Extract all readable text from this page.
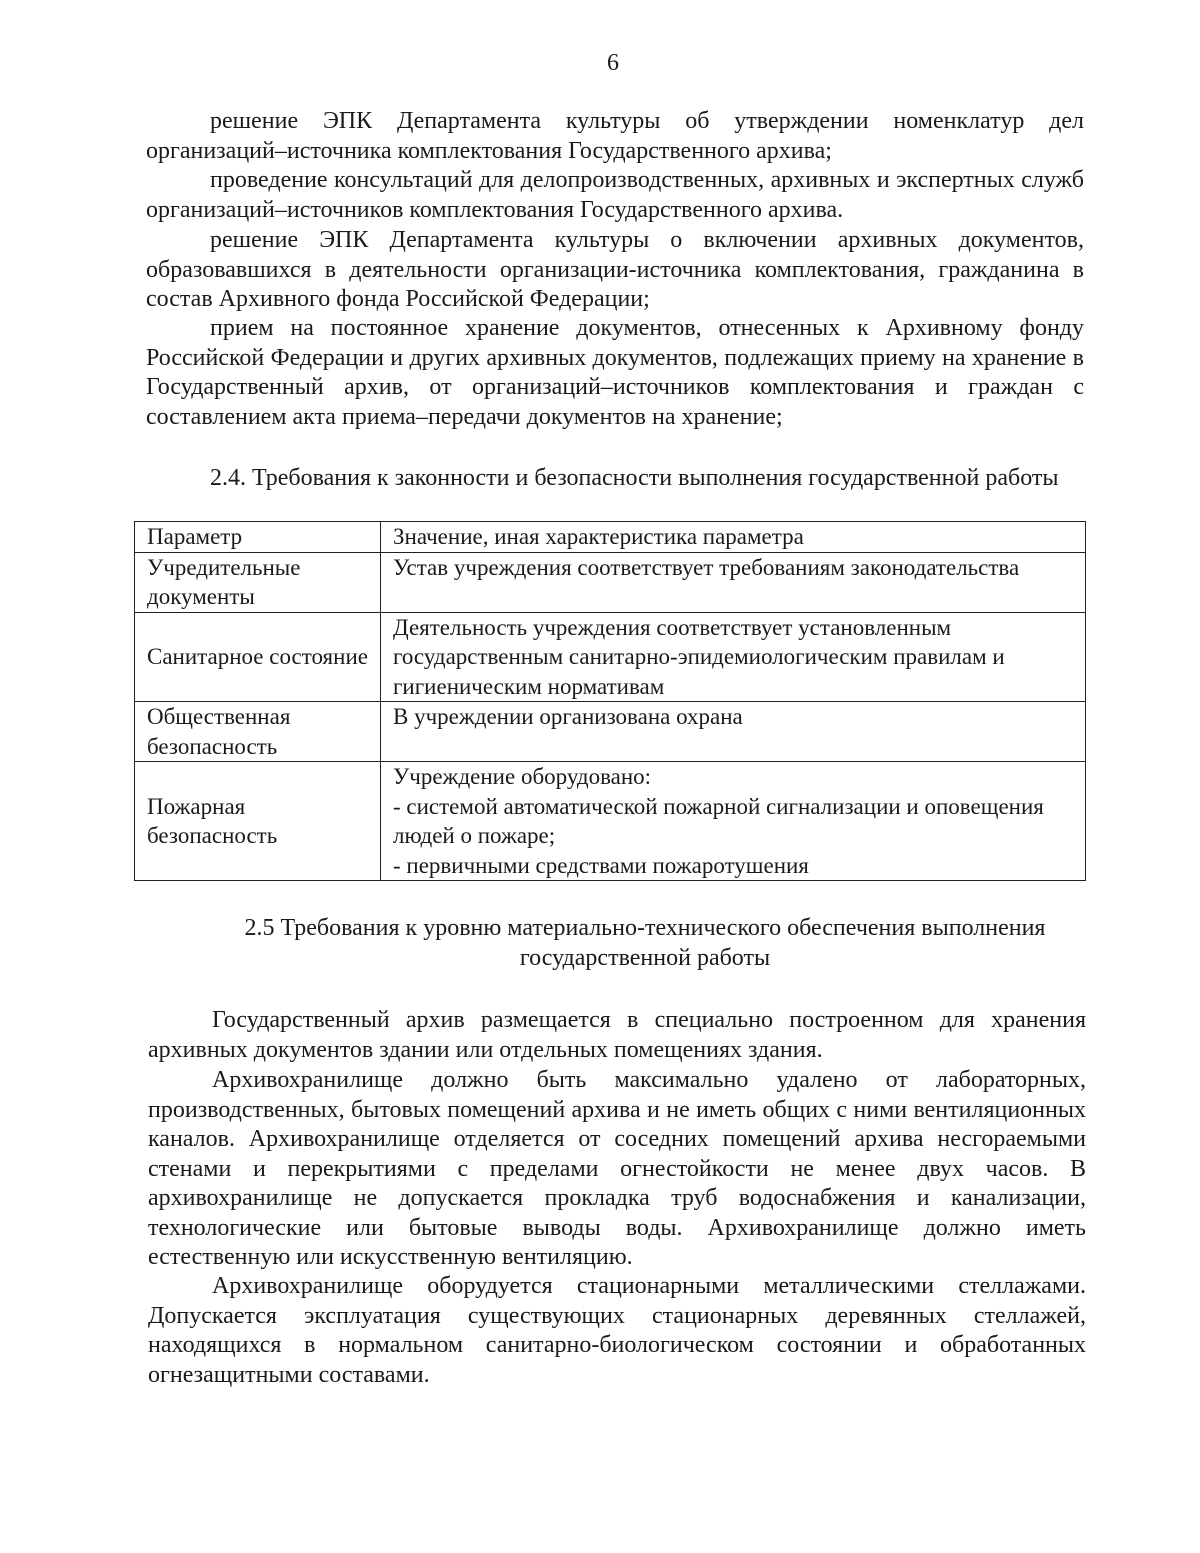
6
решение ЭПК Департамента культуры об утверждении номенклатур дел организаций–источника комплектования Государственного архива;
проведение консультаций для делопроизводственных, архивных и экспертных служб организаций–источников комплектования Государственного архива.
решение ЭПК Департамента культуры о включении архивных документов, образовавшихся в деятельности организации-источника комплектования, гражданина в состав Архивного фонда Российской Федерации;
прием на постоянное хранение документов, отнесенных к Архивному фонду Российской Федерации и других архивных документов, подлежащих приему на хранение в Государственный архив, от организаций–источников комплектования и граждан с составлением акта приема–передачи документов на хранение;
2.4. Требования к законности и безопасности выполнения государственной работы
Параметр	Значение, иная характеристика параметра
Учредительные документы	Устав учреждения соответствует требованиям законодательства
Санитарное состояние	Деятельность учреждения соответствует установленным государственным санитарно-эпидемиологическим правилам и гигиеническим нормативам
Общественная безопасность	В учреждении организована охрана
Пожарная безопасность	Учреждение оборудовано:
- системой автоматической пожарной сигнализации и оповещения людей о пожаре;
- первичными средствами пожаротушения
2.5 Требования к уровню материально-технического обеспечения выполнения
государственной работы
Государственный архив размещается в специально построенном для хранения архивных документов здании или отдельных помещениях здания.
Архивохранилище должно быть максимально удалено от лабораторных, производственных, бытовых помещений архива и не иметь общих с ними вентиляционных каналов. Архивохранилище отделяется от соседних помещений архива несгораемыми стенами и перекрытиями с пределами огнестойкости не менее двух часов. В архивохранилище не допускается прокладка труб водоснабжения и канализации, технологические или бытовые выводы воды. Архивохранилище должно иметь естественную или искусственную вентиляцию.
Архивохранилище оборудуется стационарными металлическими стеллажами. Допускается эксплуатация существующих стационарных деревянных стеллажей, находящихся в нормальном санитарно-биологическом состоянии и обработанных огнезащитными составами.
